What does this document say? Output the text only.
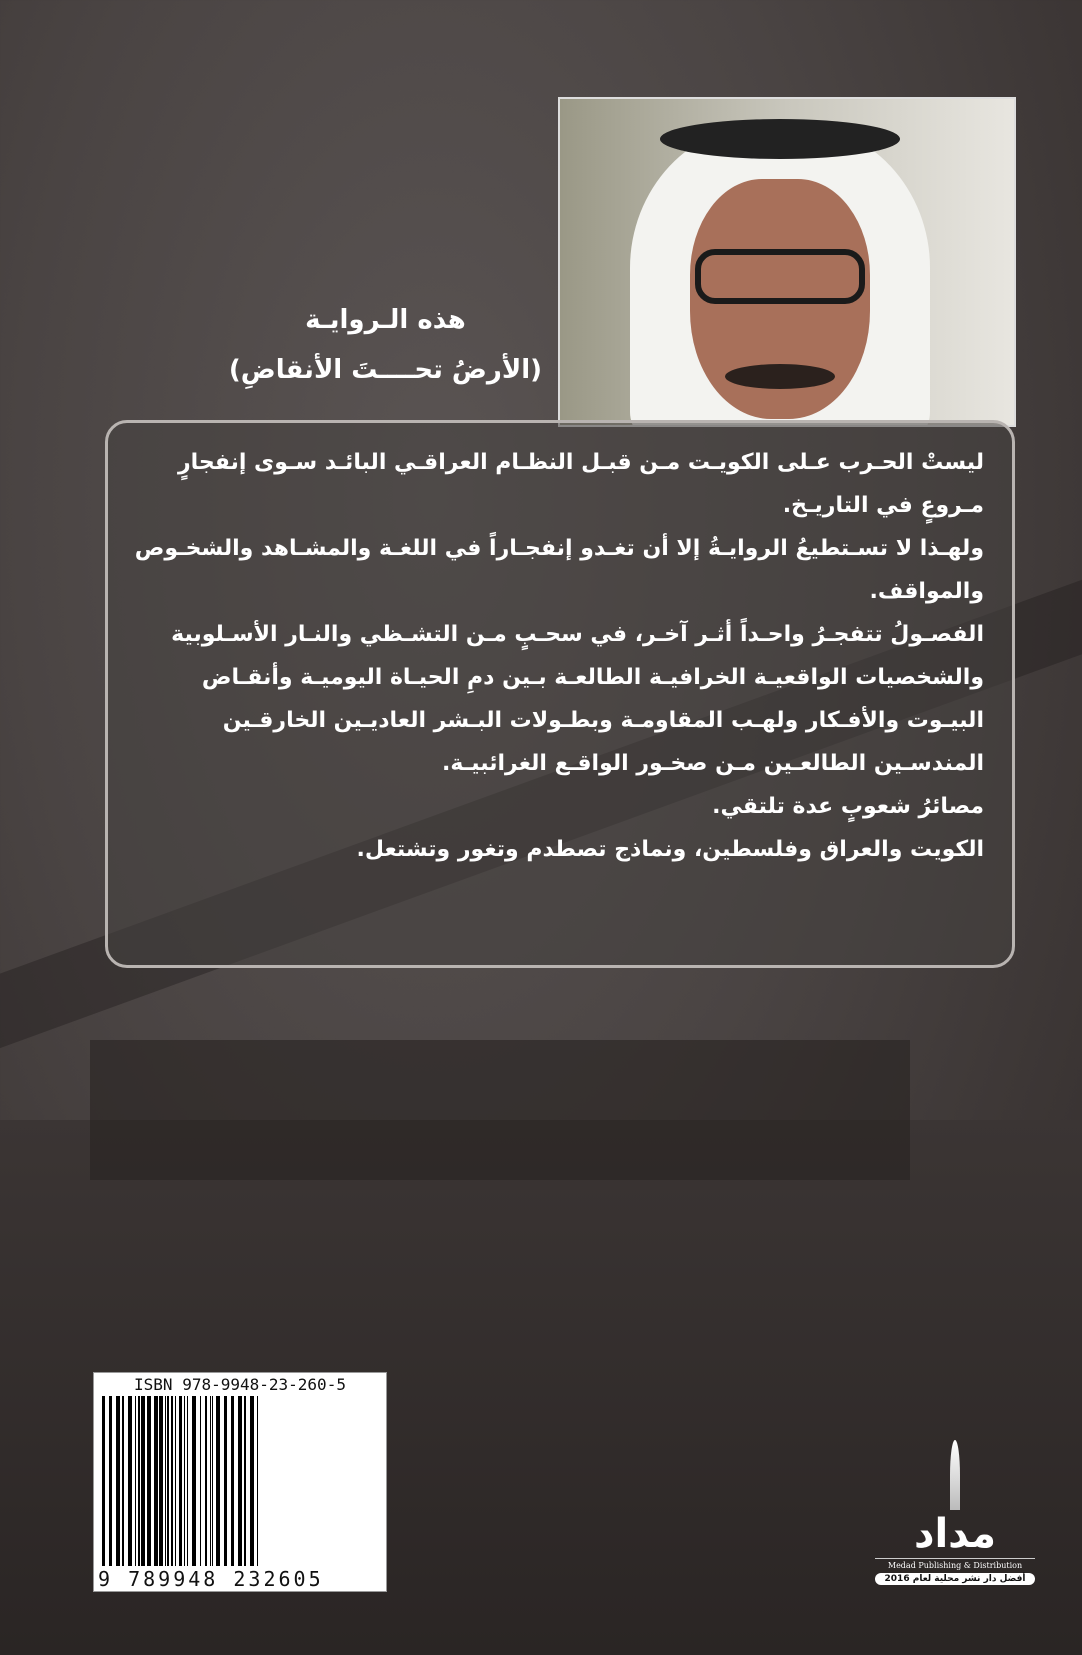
هذه الـروايـة
(الأرضُ تحــــتَ الأنقاضِ)
ليستْ الحـرب عـلى الكويـت مـن قبـل النظـام العراقـي البائـد سـوى إنفجارٍ
مـروعٍ في التاريـخ.
ولهـذا لا تسـتطيعُ الروايـةُ إلا أن تغـدو إنفجـاراً في اللغـة والمشـاهد والشخـوص
والمواقف.
الفصـولُ تتفجـرُ واحـداً أثـر آخـر، في سحـبٍ مـن التشـظي والنـار الأسـلوبية
والشخصيات الواقعيـة الخرافيـة الطالعـة بـين دمِ الحيـاة اليوميـة وأنقـاض
البيـوت والأفـكار ولهـب المقاومـة وبطـولات البـشر العاديـين الخارقـين
المندسـين الطالعـين مـن صخـور الواقـع الغرائبيـة.
مصائرُ شعوبٍ عدة تلتقي.
الكويت والعراق وفلسطين، ونماذج تصطدم وتغور وتشتعل.
ISBN 978-9948-23-260-5
9 789948 232605
مداد
Medad Publishing & Distribution
أفضل دار نشر محلية لعام 2016
